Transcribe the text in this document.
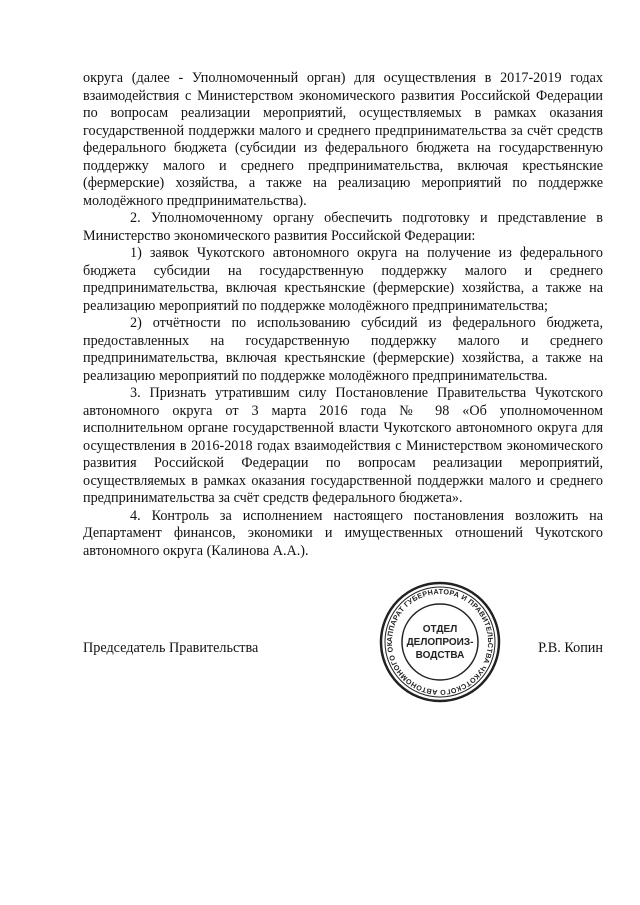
округа (далее - Уполномоченный орган) для осуществления в 2017-2019 годах взаимодействия с Министерством экономического развития Российской Федерации по вопросам реализации мероприятий, осуществляемых в рамках оказания государственной поддержки малого и среднего предпринимательства за счёт средств федерального бюджета (субсидии из федерального бюджета на государственную поддержку малого и среднего предпринимательства, включая крестьянские (фермерские) хозяйства, а также на реализацию мероприятий по поддержке молодёжного предпринимательства).

2. Уполномоченному органу обеспечить подготовку и представление в Министерство экономического развития Российской Федерации:

1) заявок Чукотского автономного округа на получение из федерального бюджета субсидии на государственную поддержку малого и среднего предпринимательства, включая крестьянские (фермерские) хозяйства, а также на реализацию мероприятий по поддержке молодёжного предпринимательства;

2) отчётности по использованию субсидий из федерального бюджета, предоставленных на государственную поддержку малого и среднего предпринимательства, включая крестьянские (фермерские) хозяйства, а также на реализацию мероприятий по поддержке молодёжного предпринимательства.

3. Признать утратившим силу Постановление Правительства Чукотского автономного округа от 3 марта 2016 года № 98 «Об уполномоченном исполнительном органе государственной власти Чукотского автономного округа для осуществления в 2016-2018 годах взаимодействия с Министерством экономического развития Российской Федерации по вопросам реализации мероприятий, осуществляемых в рамках оказания государственной поддержки малого и среднего предпринимательства за счёт средств федерального бюджета».

4. Контроль за исполнением настоящего постановления возложить на Департамент финансов, экономики и имущественных отношений Чукотского автономного округа (Калинова А.А.).

Председатель Правительства	Р.В. Копин
АППАРАТ ГУБЕРНАТОРА И ПРАВИТЕЛЬСТВА ЧУКОТСКОГО АВТОНОМНОГО ОК
ОТДЕЛ
ДЕЛОПРОИЗ-
ВОДСТВА
